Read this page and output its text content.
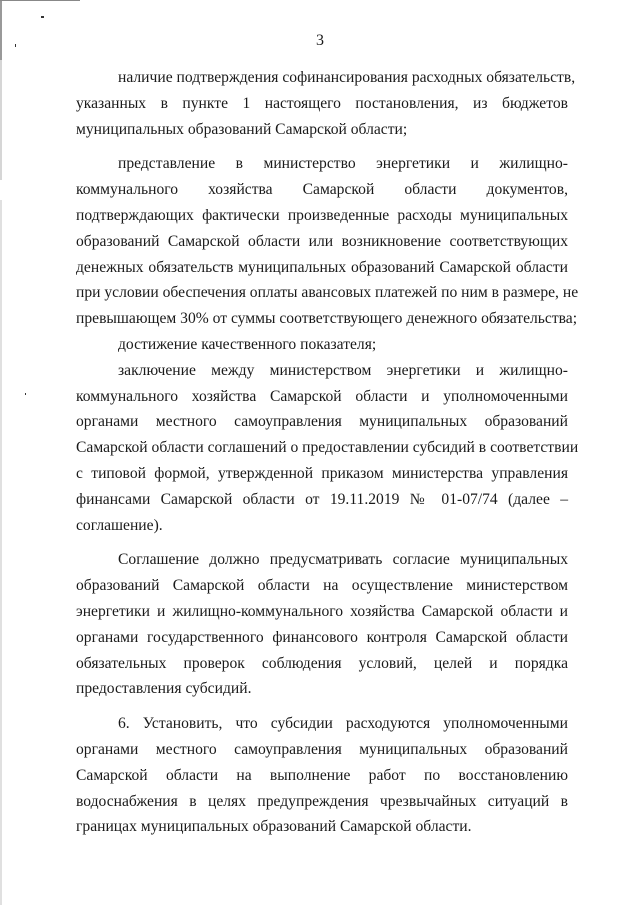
3

наличие подтверждения софинансирования расходных обязательств,
указанных в пункте 1 настоящего постановления, из бюджетов
муниципальных образований Самарской области;

представление в министерство энергетики и жилищно-
коммунального хозяйства Самарской области документов,
подтверждающих фактически произведенные расходы муниципальных
образований Самарской области или возникновение соответствующих
денежных обязательств муниципальных образований Самарской области
при условии обеспечения оплаты авансовых платежей по ним в размере, не
превышающем 30% от суммы соответствующего денежного обязательства;

достижение качественного показателя;

заключение между министерством энергетики и жилищно-
коммунального хозяйства Самарской области и уполномоченными
органами местного самоуправления муниципальных образований
Самарской области соглашений о предоставлении субсидий в соответствии
с типовой формой, утвержденной приказом министерства управления
финансами Самарской области от 19.11.2019 № 01-07/74 (далее –
соглашение).

Соглашение должно предусматривать согласие муниципальных
образований Самарской области на осуществление министерством
энергетики и жилищно-коммунального хозяйства Самарской области и
органами государственного финансового контроля Самарской области
обязательных проверок соблюдения условий, целей и порядка
предоставления субсидий.

6. Установить, что субсидии расходуются уполномоченными
органами местного самоуправления муниципальных образований
Самарской области на выполнение работ по восстановлению
водоснабжения в целях предупреждения чрезвычайных ситуаций в
границах муниципальных образований Самарской области.
